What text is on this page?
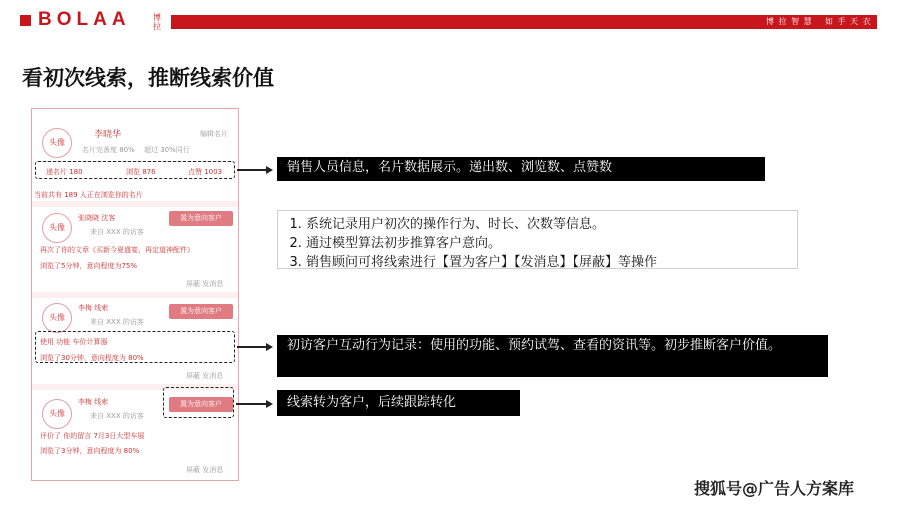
BOLAA	博拉
博 拉 智 慧 如 手 天 衣
看初次线索，推断线索价值
头像
李晓华	编辑名片
名片完善度 80% 超过 30%同行
递名片 180	浏览 876	点赞 1003
当前共有 189 人正在浏览你的名片
头像
张晓晓 沈客
来自 XXX 的访客
置为意向客户
再次了你的文章《买新今夏盛宴，再定道神配件》
浏览了5分钟，意向程度为75%
屏蔽 发消息
头像
李梅 线索
来自 XXX 的访客
置为意向客户
使用 功能 车价计算器
浏览了30分钟，意向程度为 80%
屏蔽 发消息
头像
李梅 线索
来自 XXX 的访客
置为意向客户
评价了 你的留言 7月3日大型车展
浏览了3分钟，意向程度为 80%
屏蔽 发消息
销售人员信息，名片数据展示。递出数、浏览数、点赞数
1. 系统记录用户初次的操作行为、时长、次数等信息。
2. 通过模型算法初步推算客户意向。
3. 销售顾问可将线索进行【置为客户】【发消息】【屏蔽】等操作
初访客户互动行为记录：使用的功能、预约试驾、查看的资讯等。初步推断客户价值。
线索转为客户，后续跟踪转化
搜狐号@广告人方案库
